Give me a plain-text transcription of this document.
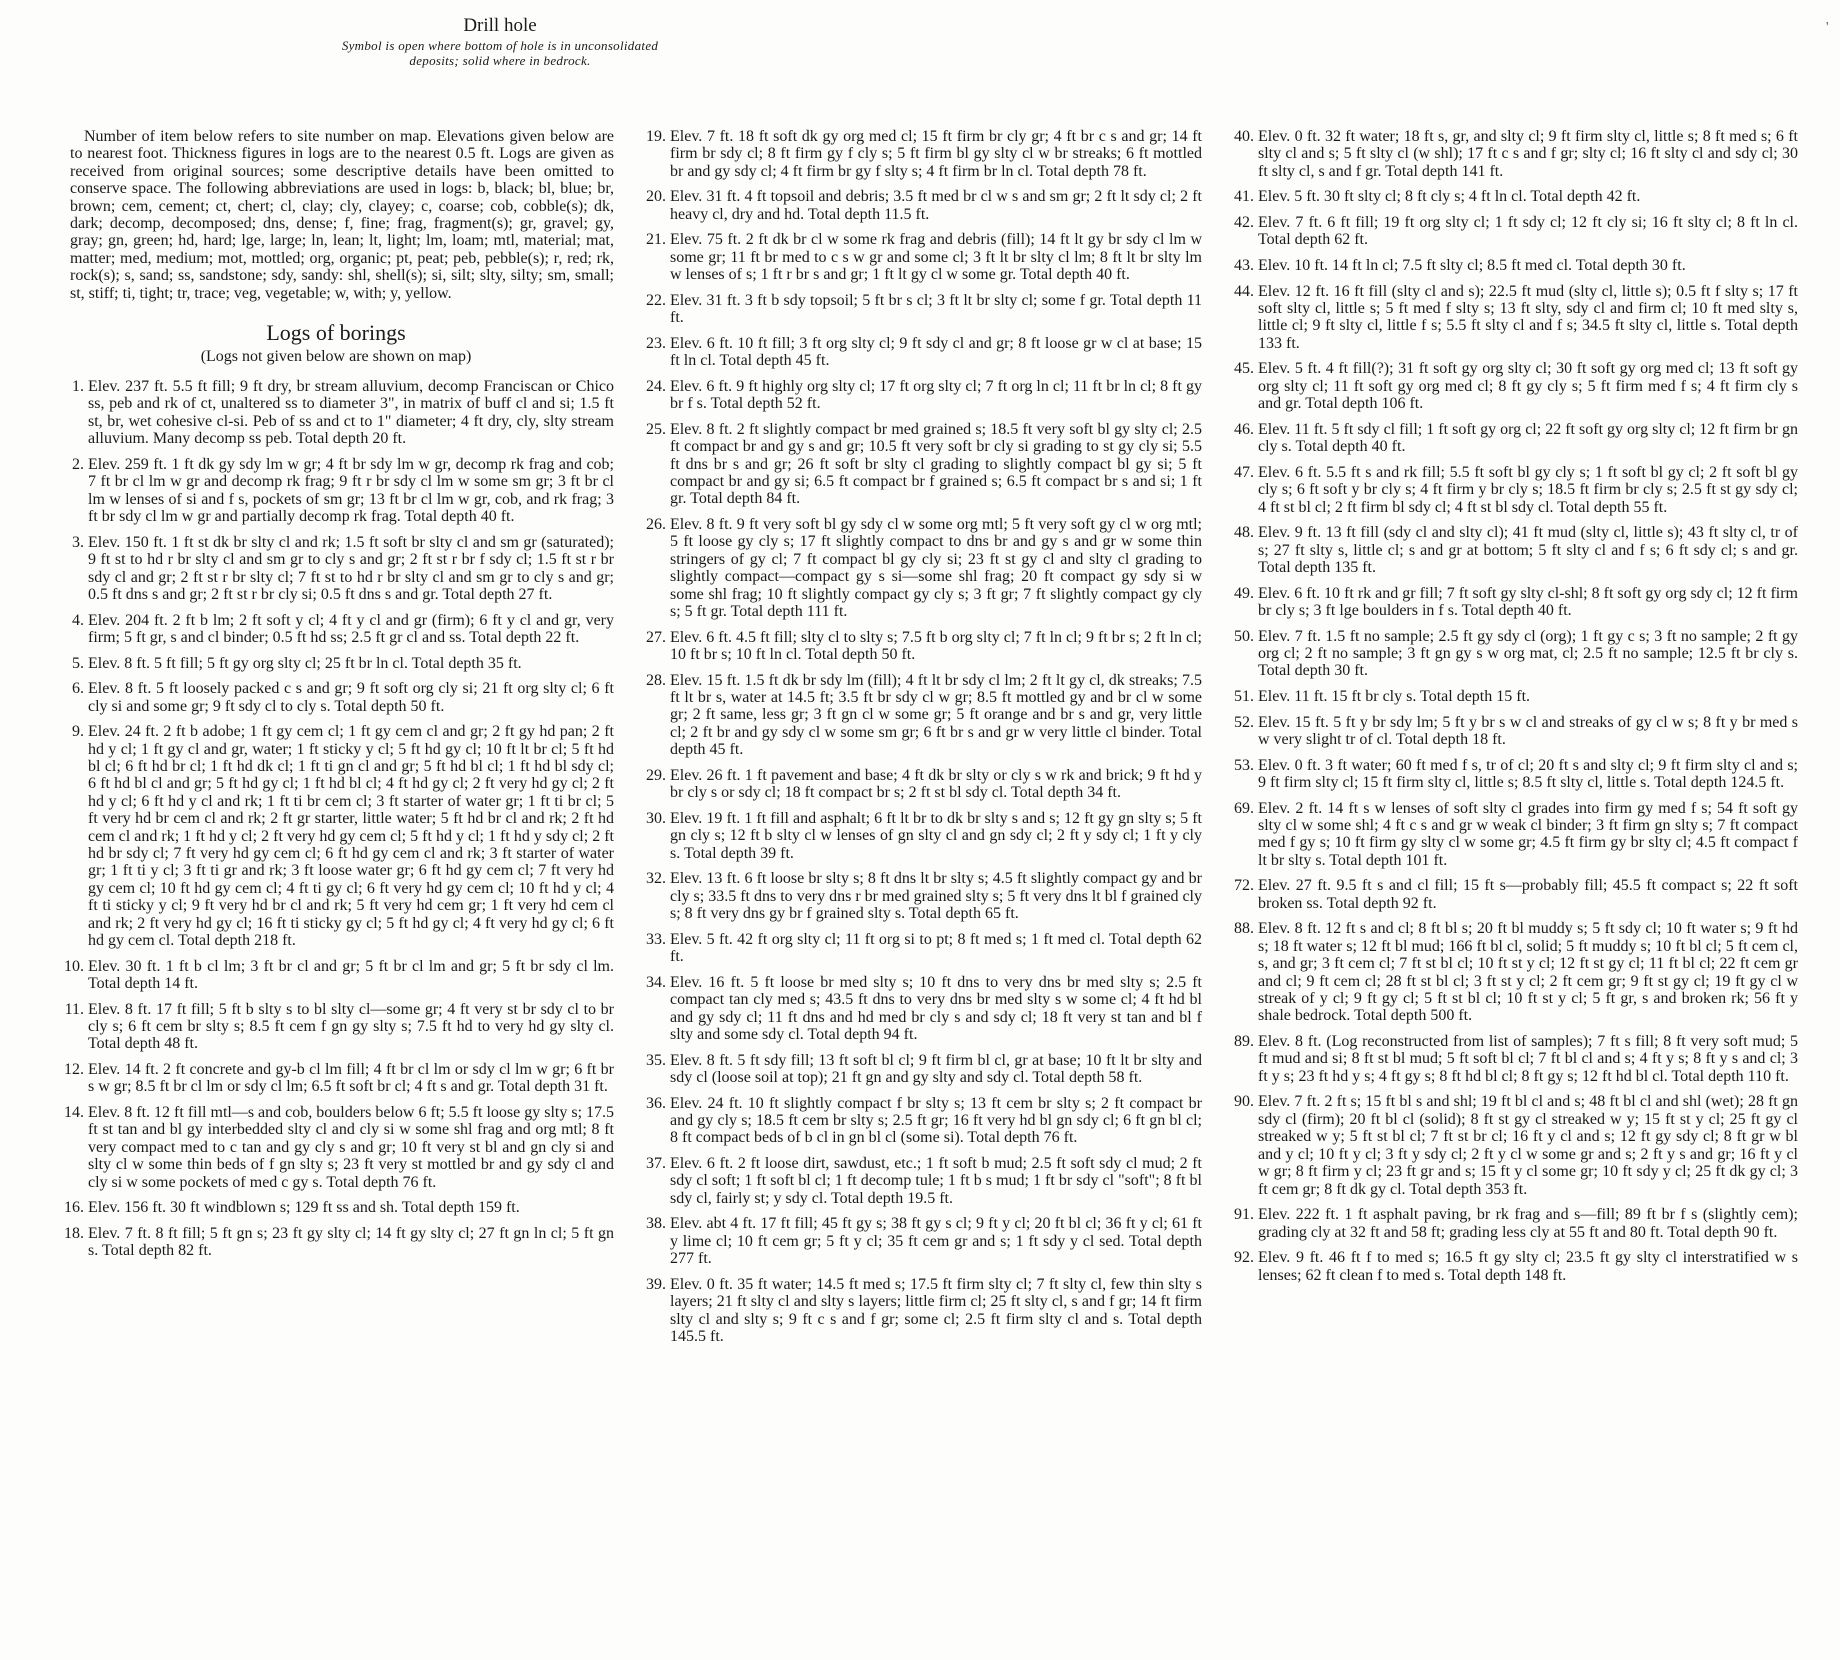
Drill hole
Symbol is open where bottom of hole is in unconsolidated
deposits; solid where in bedrock.
'

Number of item below refers to site number on map. Elevations given below are to nearest foot. Thickness figures in logs are to the nearest 0.5 ft. Logs are given as received from original sources; some descriptive details have been omitted to conserve space. The following abbreviations are used in logs: b, black; bl, blue; br, brown; cem, cement; ct, chert; cl, clay; cly, clayey; c, coarse; cob, cobble(s); dk, dark; decomp, decomposed; dns, dense; f, fine; frag, fragment(s); gr, gravel; gy, gray; gn, green; hd, hard; lge, large; ln, lean; lt, light; lm, loam; mtl, material; mat, matter; med, medium; mot, mottled; org, organic; pt, peat; peb, pebble(s); r, red; rk, rock(s); s, sand; ss, sandstone; sdy, sandy: shl, shell(s); si, silt; slty, silty; sm, small; st, stiff; ti, tight; tr, trace; veg, vegetable; w, with; y, yellow.

Logs of borings
(Logs not given below are shown on map)
1. Elev. 237 ft. 5.5 ft fill; 9 ft dry, br stream alluvium, decomp Franciscan or Chico ss, peb and rk of ct, unaltered ss to diameter 3", in matrix of buff cl and si; 1.5 ft st, br, wet cohesive cl-si. Peb of ss and ct to 1" diameter; 4 ft dry, cly, slty stream alluvium. Many decomp ss peb. Total depth 20 ft.
2. Elev. 259 ft. 1 ft dk gy sdy lm w gr; 4 ft br sdy lm w gr, decomp rk frag and cob; 7 ft br cl lm w gr and decomp rk frag; 9 ft r br sdy cl lm w some sm gr; 3 ft br cl lm w lenses of si and f s, pockets of sm gr; 13 ft br cl lm w gr, cob, and rk frag; 3 ft br sdy cl lm w gr and partially decomp rk frag. Total depth 40 ft.
3. Elev. 150 ft. 1 ft st dk br slty cl and rk; 1.5 ft soft br slty cl and sm gr (saturated); 9 ft st to hd r br slty cl and sm gr to cly s and gr; 2 ft st r br f sdy cl; 1.5 ft st r br sdy cl and gr; 2 ft st r br slty cl; 7 ft st to hd r br slty cl and sm gr to cly s and gr; 0.5 ft dns s and gr; 2 ft st r br cly si; 0.5 ft dns s and gr. Total depth 27 ft.
4. Elev. 204 ft. 2 ft b lm; 2 ft soft y cl; 4 ft y cl and gr (firm); 6 ft y cl and gr, very firm; 5 ft gr, s and cl binder; 0.5 ft hd ss; 2.5 ft gr cl and ss. Total depth 22 ft.
5. Elev. 8 ft. 5 ft fill; 5 ft gy org slty cl; 25 ft br ln cl. Total depth 35 ft.
6. Elev. 8 ft. 5 ft loosely packed c s and gr; 9 ft soft org cly si; 21 ft org slty cl; 6 ft cly si and some gr; 9 ft sdy cl to cly s. Total depth 50 ft.
9. Elev. 24 ft. 2 ft b adobe; 1 ft gy cem cl; 1 ft gy cem cl and gr; 2 ft gy hd pan; 2 ft hd y cl; 1 ft gy cl and gr, water; 1 ft sticky y cl; 5 ft hd gy cl; 10 ft lt br cl; 5 ft hd bl cl; 6 ft hd br cl; 1 ft hd dk cl; 1 ft ti gn cl and gr; 5 ft hd bl cl; 1 ft hd bl sdy cl; 6 ft hd bl cl and gr; 5 ft hd gy cl; 1 ft hd bl cl; 4 ft hd gy cl; 2 ft very hd gy cl; 2 ft hd y cl; 6 ft hd y cl and rk; 1 ft ti br cem cl; 3 ft starter of water gr; 1 ft ti br cl; 5 ft very hd br cem cl and rk; 2 ft gr starter, little water; 5 ft hd br cl and rk; 2 ft hd cem cl and rk; 1 ft hd y cl; 2 ft very hd gy cem cl; 5 ft hd y cl; 1 ft hd y sdy cl; 2 ft hd br sdy cl; 7 ft very hd gy cem cl; 6 ft hd gy cem cl and rk; 3 ft starter of water gr; 1 ft ti y cl; 3 ft ti gr and rk; 3 ft loose water gr; 6 ft hd gy cem cl; 7 ft very hd gy cem cl; 10 ft hd gy cem cl; 4 ft ti gy cl; 6 ft very hd gy cem cl; 10 ft hd y cl; 4 ft ti sticky y cl; 9 ft very hd br cl and rk; 5 ft very hd cem gr; 1 ft very hd cem cl and rk; 2 ft very hd gy cl; 16 ft ti sticky gy cl; 5 ft hd gy cl; 4 ft very hd gy cl; 6 ft hd gy cem cl. Total depth 218 ft.
10. Elev. 30 ft. 1 ft b cl lm; 3 ft br cl and gr; 5 ft br cl lm and gr; 5 ft br sdy cl lm. Total depth 14 ft.
11. Elev. 8 ft. 17 ft fill; 5 ft b slty s to bl slty cl—some gr; 4 ft very st br sdy cl to br cly s; 6 ft cem br slty s; 8.5 ft cem f gn gy slty s; 7.5 ft hd to very hd gy slty cl. Total depth 48 ft.
12. Elev. 14 ft. 2 ft concrete and gy-b cl lm fill; 4 ft br cl lm or sdy cl lm w gr; 6 ft br s w gr; 8.5 ft br cl lm or sdy cl lm; 6.5 ft soft br cl; 4 ft s and gr. Total depth 31 ft.
14. Elev. 8 ft. 12 ft fill mtl—s and cob, boulders below 6 ft; 5.5 ft loose gy slty s; 17.5 ft st tan and bl gy interbedded slty cl and cly si w some shl frag and org mtl; 8 ft very compact med to c tan and gy cly s and gr; 10 ft very st bl and gn cly si and slty cl w some thin beds of f gn slty s; 23 ft very st mottled br and gy sdy cl and cly si w some pockets of med c gy s. Total depth 76 ft.
16. Elev. 156 ft. 30 ft windblown s; 129 ft ss and sh. Total depth 159 ft.
18. Elev. 7 ft. 8 ft fill; 5 ft gn s; 23 ft gy slty cl; 14 ft gy slty cl; 27 ft gn ln cl; 5 ft gn s. Total depth 82 ft.
19. Elev. 7 ft. 18 ft soft dk gy org med cl; 15 ft firm br cly gr; 4 ft br c s and gr; 14 ft firm br sdy cl; 8 ft firm gy f cly s; 5 ft firm bl gy slty cl w br streaks; 6 ft mottled br and gy sdy cl; 4 ft firm br gy f slty s; 4 ft firm br ln cl. Total depth 78 ft.
20. Elev. 31 ft. 4 ft topsoil and debris; 3.5 ft med br cl w s and sm gr; 2 ft lt sdy cl; 2 ft heavy cl, dry and hd. Total depth 11.5 ft.
21. Elev. 75 ft. 2 ft dk br cl w some rk frag and debris (fill); 14 ft lt gy br sdy cl lm w some gr; 11 ft br med to c s w gr and some cl; 3 ft lt br slty cl lm; 8 ft lt br slty lm w lenses of s; 1 ft r br s and gr; 1 ft lt gy cl w some gr. Total depth 40 ft.
22. Elev. 31 ft. 3 ft b sdy topsoil; 5 ft br s cl; 3 ft lt br slty cl; some f gr. Total depth 11 ft.
23. Elev. 6 ft. 10 ft fill; 3 ft org slty cl; 9 ft sdy cl and gr; 8 ft loose gr w cl at base; 15 ft ln cl. Total depth 45 ft.
24. Elev. 6 ft. 9 ft highly org slty cl; 17 ft org slty cl; 7 ft org ln cl; 11 ft br ln cl; 8 ft gy br f s. Total depth 52 ft.
25. Elev. 8 ft. 2 ft slightly compact br med grained s; 18.5 ft very soft bl gy slty cl; 2.5 ft compact br and gy s and gr; 10.5 ft very soft br cly si grading to st gy cly si; 5.5 ft dns br s and gr; 26 ft soft br slty cl grading to slightly compact bl gy si; 5 ft compact br and gy si; 6.5 ft compact br f grained s; 6.5 ft compact br s and si; 1 ft gr. Total depth 84 ft.
26. Elev. 8 ft. 9 ft very soft bl gy sdy cl w some org mtl; 5 ft very soft gy cl w org mtl; 5 ft loose gy cly s; 17 ft slightly compact to dns br and gy s and gr w some thin stringers of gy cl; 7 ft compact bl gy cly si; 23 ft st gy cl and slty cl grading to slightly compact—compact gy s si—some shl frag; 20 ft compact gy sdy si w some shl frag; 10 ft slightly compact gy cly s; 3 ft gr; 7 ft slightly compact gy cly s; 5 ft gr. Total depth 111 ft.
27. Elev. 6 ft. 4.5 ft fill; slty cl to slty s; 7.5 ft b org slty cl; 7 ft ln cl; 9 ft br s; 2 ft ln cl; 10 ft br s; 10 ft ln cl. Total depth 50 ft.
28. Elev. 15 ft. 1.5 ft dk br sdy lm (fill); 4 ft lt br sdy cl lm; 2 ft lt gy cl, dk streaks; 7.5 ft lt br s, water at 14.5 ft; 3.5 ft br sdy cl w gr; 8.5 ft mottled gy and br cl w some gr; 2 ft same, less gr; 3 ft gn cl w some gr; 5 ft orange and br s and gr, very little cl; 2 ft br and gy sdy cl w some sm gr; 6 ft br s and gr w very little cl binder. Total depth 45 ft.
29. Elev. 26 ft. 1 ft pavement and base; 4 ft dk br slty or cly s w rk and brick; 9 ft hd y br cly s or sdy cl; 18 ft compact br s; 2 ft st bl sdy cl. Total depth 34 ft.
30. Elev. 19 ft. 1 ft fill and asphalt; 6 ft lt br to dk br slty s and s; 12 ft gy gn slty s; 5 ft gn cly s; 12 ft b slty cl w lenses of gn slty cl and gn sdy cl; 2 ft y sdy cl; 1 ft y cly s. Total depth 39 ft.
32. Elev. 13 ft. 6 ft loose br slty s; 8 ft dns lt br slty s; 4.5 ft slightly compact gy and br cly s; 33.5 ft dns to very dns r br med grained slty s; 5 ft very dns lt bl f grained cly s; 8 ft very dns gy br f grained slty s. Total depth 65 ft.
33. Elev. 5 ft. 42 ft org slty cl; 11 ft org si to pt; 8 ft med s; 1 ft med cl. Total depth 62 ft.
34. Elev. 16 ft. 5 ft loose br med slty s; 10 ft dns to very dns br med slty s; 2.5 ft compact tan cly med s; 43.5 ft dns to very dns br med slty s w some cl; 4 ft hd bl and gy sdy cl; 11 ft dns and hd med br cly s and sdy cl; 18 ft very st tan and bl f slty and some sdy cl. Total depth 94 ft.
35. Elev. 8 ft. 5 ft sdy fill; 13 ft soft bl cl; 9 ft firm bl cl, gr at base; 10 ft lt br slty and sdy cl (loose soil at top); 21 ft gn and gy slty and sdy cl. Total depth 58 ft.
36. Elev. 24 ft. 10 ft slightly compact f br slty s; 13 ft cem br slty s; 2 ft compact br and gy cly s; 18.5 ft cem br slty s; 2.5 ft gr; 16 ft very hd bl gn sdy cl; 6 ft gn bl cl; 8 ft compact beds of b cl in gn bl cl (some si). Total depth 76 ft.
37. Elev. 6 ft. 2 ft loose dirt, sawdust, etc.; 1 ft soft b mud; 2.5 ft soft sdy cl mud; 2 ft sdy cl soft; 1 ft soft bl cl; 1 ft decomp tule; 1 ft b s mud; 1 ft br sdy cl "soft"; 8 ft bl sdy cl, fairly st; y sdy cl. Total depth 19.5 ft.
38. Elev. abt 4 ft. 17 ft fill; 45 ft gy s; 38 ft gy s cl; 9 ft y cl; 20 ft bl cl; 36 ft y cl; 61 ft y lime cl; 10 ft cem gr; 5 ft y cl; 35 ft cem gr and s; 1 ft sdy y cl sed. Total depth 277 ft.
39. Elev. 0 ft. 35 ft water; 14.5 ft med s; 17.5 ft firm slty cl; 7 ft slty cl, few thin slty s layers; 21 ft slty cl and slty s layers; little firm cl; 25 ft slty cl, s and f gr; 14 ft firm slty cl and slty s; 9 ft c s and f gr; some cl; 2.5 ft firm slty cl and s. Total depth 145.5 ft.
40. Elev. 0 ft. 32 ft water; 18 ft s, gr, and slty cl; 9 ft firm slty cl, little s; 8 ft med s; 6 ft slty cl and s; 5 ft slty cl (w shl); 17 ft c s and f gr; slty cl; 16 ft slty cl and sdy cl; 30 ft slty cl, s and f gr. Total depth 141 ft.
41. Elev. 5 ft. 30 ft slty cl; 8 ft cly s; 4 ft ln cl. Total depth 42 ft.
42. Elev. 7 ft. 6 ft fill; 19 ft org slty cl; 1 ft sdy cl; 12 ft cly si; 16 ft slty cl; 8 ft ln cl. Total depth 62 ft.
43. Elev. 10 ft. 14 ft ln cl; 7.5 ft slty cl; 8.5 ft med cl. Total depth 30 ft.
44. Elev. 12 ft. 16 ft fill (slty cl and s); 22.5 ft mud (slty cl, little s); 0.5 ft f slty s; 17 ft soft slty cl, little s; 5 ft med f slty s; 13 ft slty, sdy cl and firm cl; 10 ft med slty s, little cl; 9 ft slty cl, little f s; 5.5 ft slty cl and f s; 34.5 ft slty cl, little s. Total depth 133 ft.
45. Elev. 5 ft. 4 ft fill(?); 31 ft soft gy org slty cl; 30 ft soft gy org med cl; 13 ft soft gy org slty cl; 11 ft soft gy org med cl; 8 ft gy cly s; 5 ft firm med f s; 4 ft firm cly s and gr. Total depth 106 ft.
46. Elev. 11 ft. 5 ft sdy cl fill; 1 ft soft gy org cl; 22 ft soft gy org slty cl; 12 ft firm br gn cly s. Total depth 40 ft.
47. Elev. 6 ft. 5.5 ft s and rk fill; 5.5 ft soft bl gy cly s; 1 ft soft bl gy cl; 2 ft soft bl gy cly s; 6 ft soft y br cly s; 4 ft firm y br cly s; 18.5 ft firm br cly s; 2.5 ft st gy sdy cl; 4 ft st bl cl; 2 ft firm bl sdy cl; 4 ft st bl sdy cl. Total depth 55 ft.
48. Elev. 9 ft. 13 ft fill (sdy cl and slty cl); 41 ft mud (slty cl, little s); 43 ft slty cl, tr of s; 27 ft slty s, little cl; s and gr at bottom; 5 ft slty cl and f s; 6 ft sdy cl; s and gr. Total depth 135 ft.
49. Elev. 6 ft. 10 ft rk and gr fill; 7 ft soft gy slty cl-shl; 8 ft soft gy org sdy cl; 12 ft firm br cly s; 3 ft lge boulders in f s. Total depth 40 ft.
50. Elev. 7 ft. 1.5 ft no sample; 2.5 ft gy sdy cl (org); 1 ft gy c s; 3 ft no sample; 2 ft gy org cl; 2 ft no sample; 3 ft gn gy s w org mat, cl; 2.5 ft no sample; 12.5 ft br cly s. Total depth 30 ft.
51. Elev. 11 ft. 15 ft br cly s. Total depth 15 ft.
52. Elev. 15 ft. 5 ft y br sdy lm; 5 ft y br s w cl and streaks of gy cl w s; 8 ft y br med s w very slight tr of cl. Total depth 18 ft.
53. Elev. 0 ft. 3 ft water; 60 ft med f s, tr of cl; 20 ft s and slty cl; 9 ft firm slty cl and s; 9 ft firm slty cl; 15 ft firm slty cl, little s; 8.5 ft slty cl, little s. Total depth 124.5 ft.
69. Elev. 2 ft. 14 ft s w lenses of soft slty cl grades into firm gy med f s; 54 ft soft gy slty cl w some shl; 4 ft c s and gr w weak cl binder; 3 ft firm gn slty s; 7 ft compact med f gy s; 10 ft firm gy slty cl w some gr; 4.5 ft firm gy br slty cl; 4.5 ft compact f lt br slty s. Total depth 101 ft.
72. Elev. 27 ft. 9.5 ft s and cl fill; 15 ft s—probably fill; 45.5 ft compact s; 22 ft soft broken ss. Total depth 92 ft.
88. Elev. 8 ft. 12 ft s and cl; 8 ft bl s; 20 ft bl muddy s; 5 ft sdy cl; 10 ft water s; 9 ft hd s; 18 ft water s; 12 ft bl mud; 166 ft bl cl, solid; 5 ft muddy s; 10 ft bl cl; 5 ft cem cl, s, and gr; 3 ft cem cl; 7 ft st bl cl; 10 ft st y cl; 12 ft st gy cl; 11 ft bl cl; 22 ft cem gr and cl; 9 ft cem cl; 28 ft st bl cl; 3 ft st y cl; 2 ft cem gr; 9 ft st gy cl; 19 ft gy cl w streak of y cl; 9 ft gy cl; 5 ft st bl cl; 10 ft st y cl; 5 ft gr, s and broken rk; 56 ft y shale bedrock. Total depth 500 ft.
89. Elev. 8 ft. (Log reconstructed from list of samples); 7 ft s fill; 8 ft very soft mud; 5 ft mud and si; 8 ft st bl mud; 5 ft soft bl cl; 7 ft bl cl and s; 4 ft y s; 8 ft y s and cl; 3 ft y s; 23 ft hd y s; 4 ft gy s; 8 ft hd bl cl; 8 ft gy s; 12 ft hd bl cl. Total depth 110 ft.
90. Elev. 7 ft. 2 ft s; 15 ft bl s and shl; 19 ft bl cl and s; 48 ft bl cl and shl (wet); 28 ft gn sdy cl (firm); 20 ft bl cl (solid); 8 ft st gy cl streaked w y; 15 ft st y cl; 25 ft gy cl streaked w y; 5 ft st bl cl; 7 ft st br cl; 16 ft y cl and s; 12 ft gy sdy cl; 8 ft gr w bl and y cl; 10 ft y cl; 3 ft y sdy cl; 2 ft y cl w some gr and s; 2 ft y s and gr; 16 ft y cl w gr; 8 ft firm y cl; 23 ft gr and s; 15 ft y cl some gr; 10 ft sdy y cl; 25 ft dk gy cl; 3 ft cem gr; 8 ft dk gy cl. Total depth 353 ft.
91. Elev. 222 ft. 1 ft asphalt paving, br rk frag and s—fill; 89 ft br f s (slightly cem); grading cly at 32 ft and 58 ft; grading less cly at 55 ft and 80 ft. Total depth 90 ft.
92. Elev. 9 ft. 46 ft f to med s; 16.5 ft gy slty cl; 23.5 ft gy slty cl interstratified w s lenses; 62 ft clean f to med s. Total depth 148 ft.
